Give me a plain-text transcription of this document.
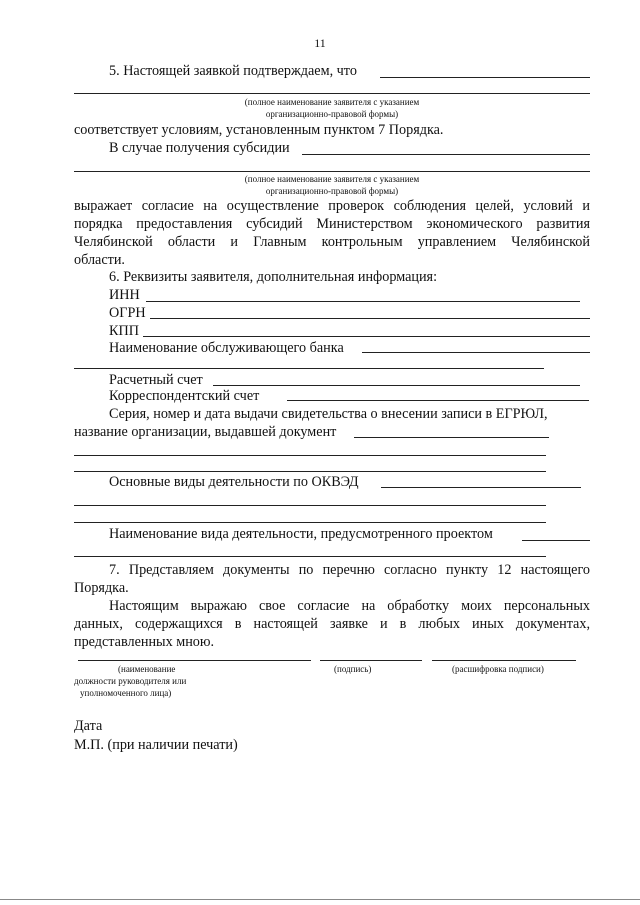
11
5. Настоящей заявкой подтверждаем, что
(полное наименование заявителя с указанием
организационно-правовой формы)
соответствует условиям, установленным пунктом 7 Порядка.
В случае получения субсидии
(полное наименование заявителя с указанием
организационно-правовой формы)
выражает согласие на осуществление проверок соблюдения целей, условий и
порядка предоставления субсидий Министерством экономического развития
Челябинской области и Главным контрольным управлением Челябинской
области.
6. Реквизиты заявителя, дополнительная информация:
ИНН
ОГРН
КПП
Наименование обслуживающего банка
Расчетный счет
Корреспондентский счет
Серия, номер и дата выдачи свидетельства о внесении записи в ЕГРЮЛ,
название организации, выдавшей документ
Основные виды деятельности по ОКВЭД
Наименование вида деятельности, предусмотренного проектом
7. Представляем документы по перечню согласно пункту 12 настоящего
Порядка.
Настоящим выражаю свое согласие на обработку моих персональных
данных, содержащихся в настоящей заявке и в любых иных документах,
представленных мною.
(наименование
должности руководителя или
уполномоченного лица)
(подпись)	(расшифровка подписи)
Дата
М.П. (при наличии печати)
